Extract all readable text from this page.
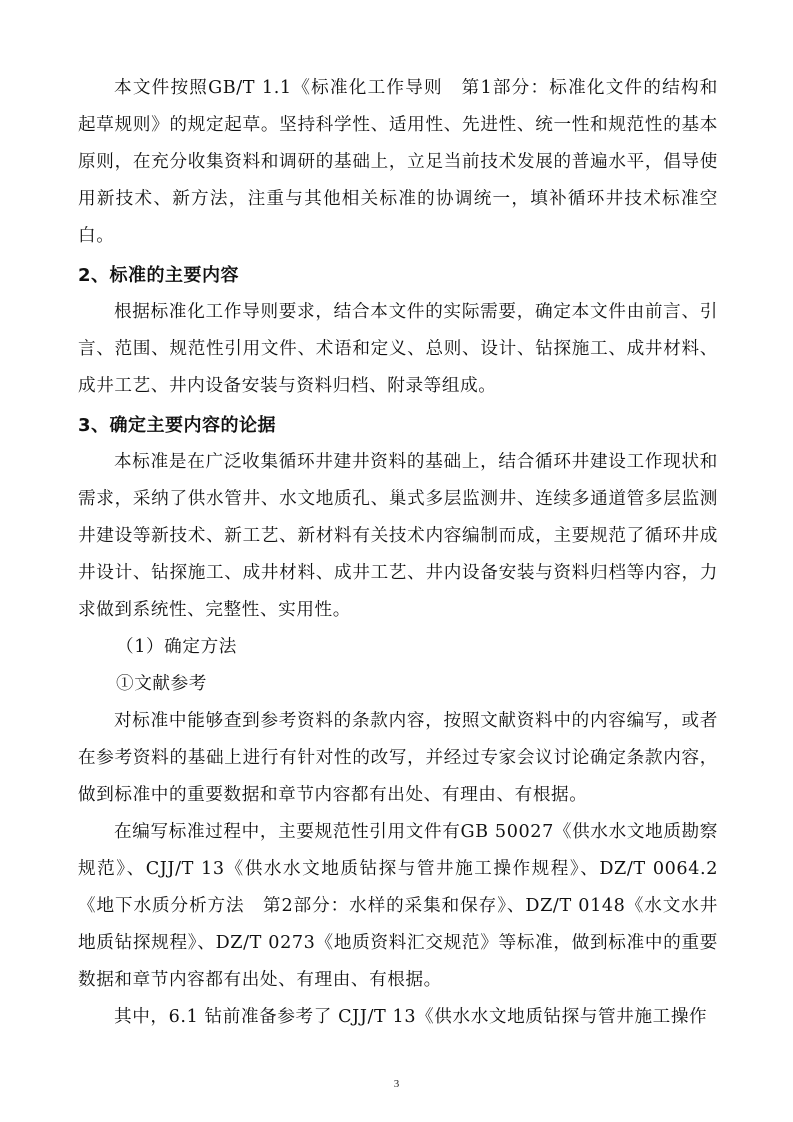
本文件按照GB/T 1.1《标准化工作导则　第1部分：标准化文件的结构和起草规则》的规定起草。坚持科学性、适用性、先进性、统一性和规范性的基本原则，在充分收集资料和调研的基础上，立足当前技术发展的普遍水平，倡导使用新技术、新方法，注重与其他相关标准的协调统一，填补循环井技术标准空白。

2、标准的主要内容

根据标准化工作导则要求，结合本文件的实际需要，确定本文件由前言、引言、范围、规范性引用文件、术语和定义、总则、设计、钻探施工、成井材料、成井工艺、井内设备安装与资料归档、附录等组成。

3、确定主要内容的论据

本标准是在广泛收集循环井建井资料的基础上，结合循环井建设工作现状和需求，采纳了供水管井、水文地质孔、巢式多层监测井、连续多通道管多层监测井建设等新技术、新工艺、新材料有关技术内容编制而成，主要规范了循环井成井设计、钻探施工、成井材料、成井工艺、井内设备安装与资料归档等内容，力求做到系统性、完整性、实用性。

（1）确定方法

①文献参考

对标准中能够查到参考资料的条款内容，按照文献资料中的内容编写，或者在参考资料的基础上进行有针对性的改写，并经过专家会议讨论确定条款内容，做到标准中的重要数据和章节内容都有出处、有理由、有根据。

在编写标准过程中，主要规范性引用文件有GB 50027《供水水文地质勘察规范》、CJJ/T 13《供水水文地质钻探与管井施工操作规程》、DZ/T 0064.2《地下水质分析方法　第2部分：水样的采集和保存》、DZ/T 0148《水文水井地质钻探规程》、DZ/T 0273《地质资料汇交规范》等标准，做到标准中的重要数据和章节内容都有出处、有理由、有根据。

其中，6.1 钻前准备参考了 CJJ/T 13《供水水文地质钻探与管井施工操作

3
